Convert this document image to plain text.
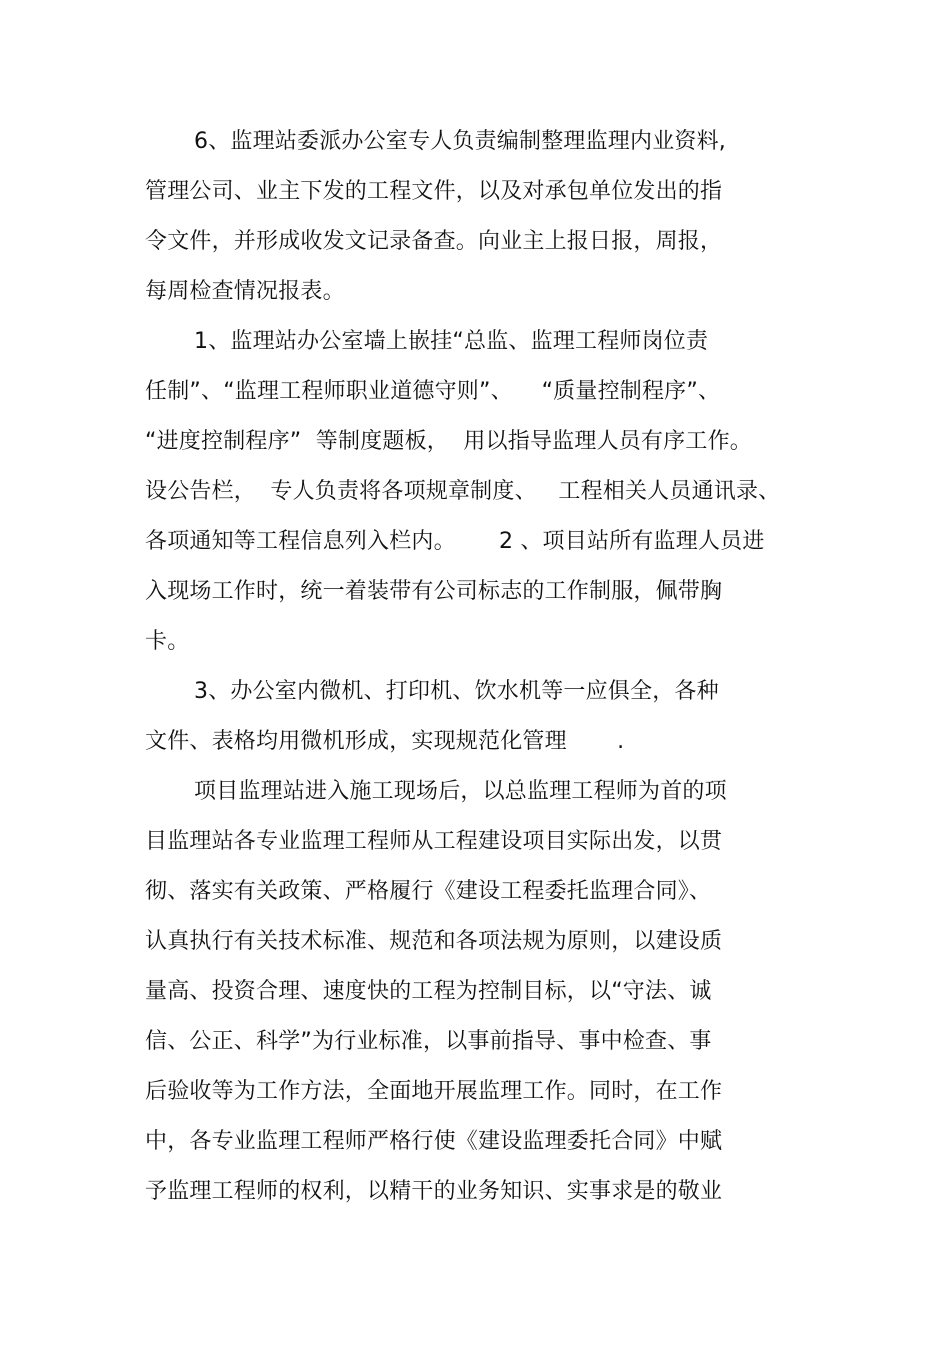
6、监理站委派办公室专人负责编制整理监理内业资料,
管理公司、业主下发的工程文件，以及对承包单位发出的指
令文件，并形成收发文记录备查。向业主上报日报，周报，
每周检查情况报表。
1、监理站办公室墙上嵌挂“总监、监理工程师岗位责
任制”、“监理工程师职业道德守则”、    “质量控制程序”、
“进度控制程序”  等制度题板，  用以指导监理人员有序工作。
设公告栏，  专人负责将各项规章制度、   工程相关人员通讯录、
各项通知等工程信息列入栏内。      2 、项目站所有监理人员进
入现场工作时，统一着装带有公司标志的工作制服，佩带胸
卡。
3、办公室内微机、打印机、饮水机等一应俱全，各种
文件、表格均用微机形成，实现规范化管理       .
项目监理站进入施工现场后，以总监理工程师为首的项
目监理站各专业监理工程师从工程建设项目实际出发，以贯
彻、落实有关政策、严格履行《建设工程委托监理合同》、
认真执行有关技术标准、规范和各项法规为原则，以建设质
量高、投资合理、速度快的工程为控制目标，以“守法、诚
信、公正、科学”为行业标准，以事前指导、事中检查、事
后验收等为工作方法，全面地开展监理工作。同时，在工作
中，各专业监理工程师严格行使《建设监理委托合同》中赋
予监理工程师的权利，以精干的业务知识、实事求是的敬业
